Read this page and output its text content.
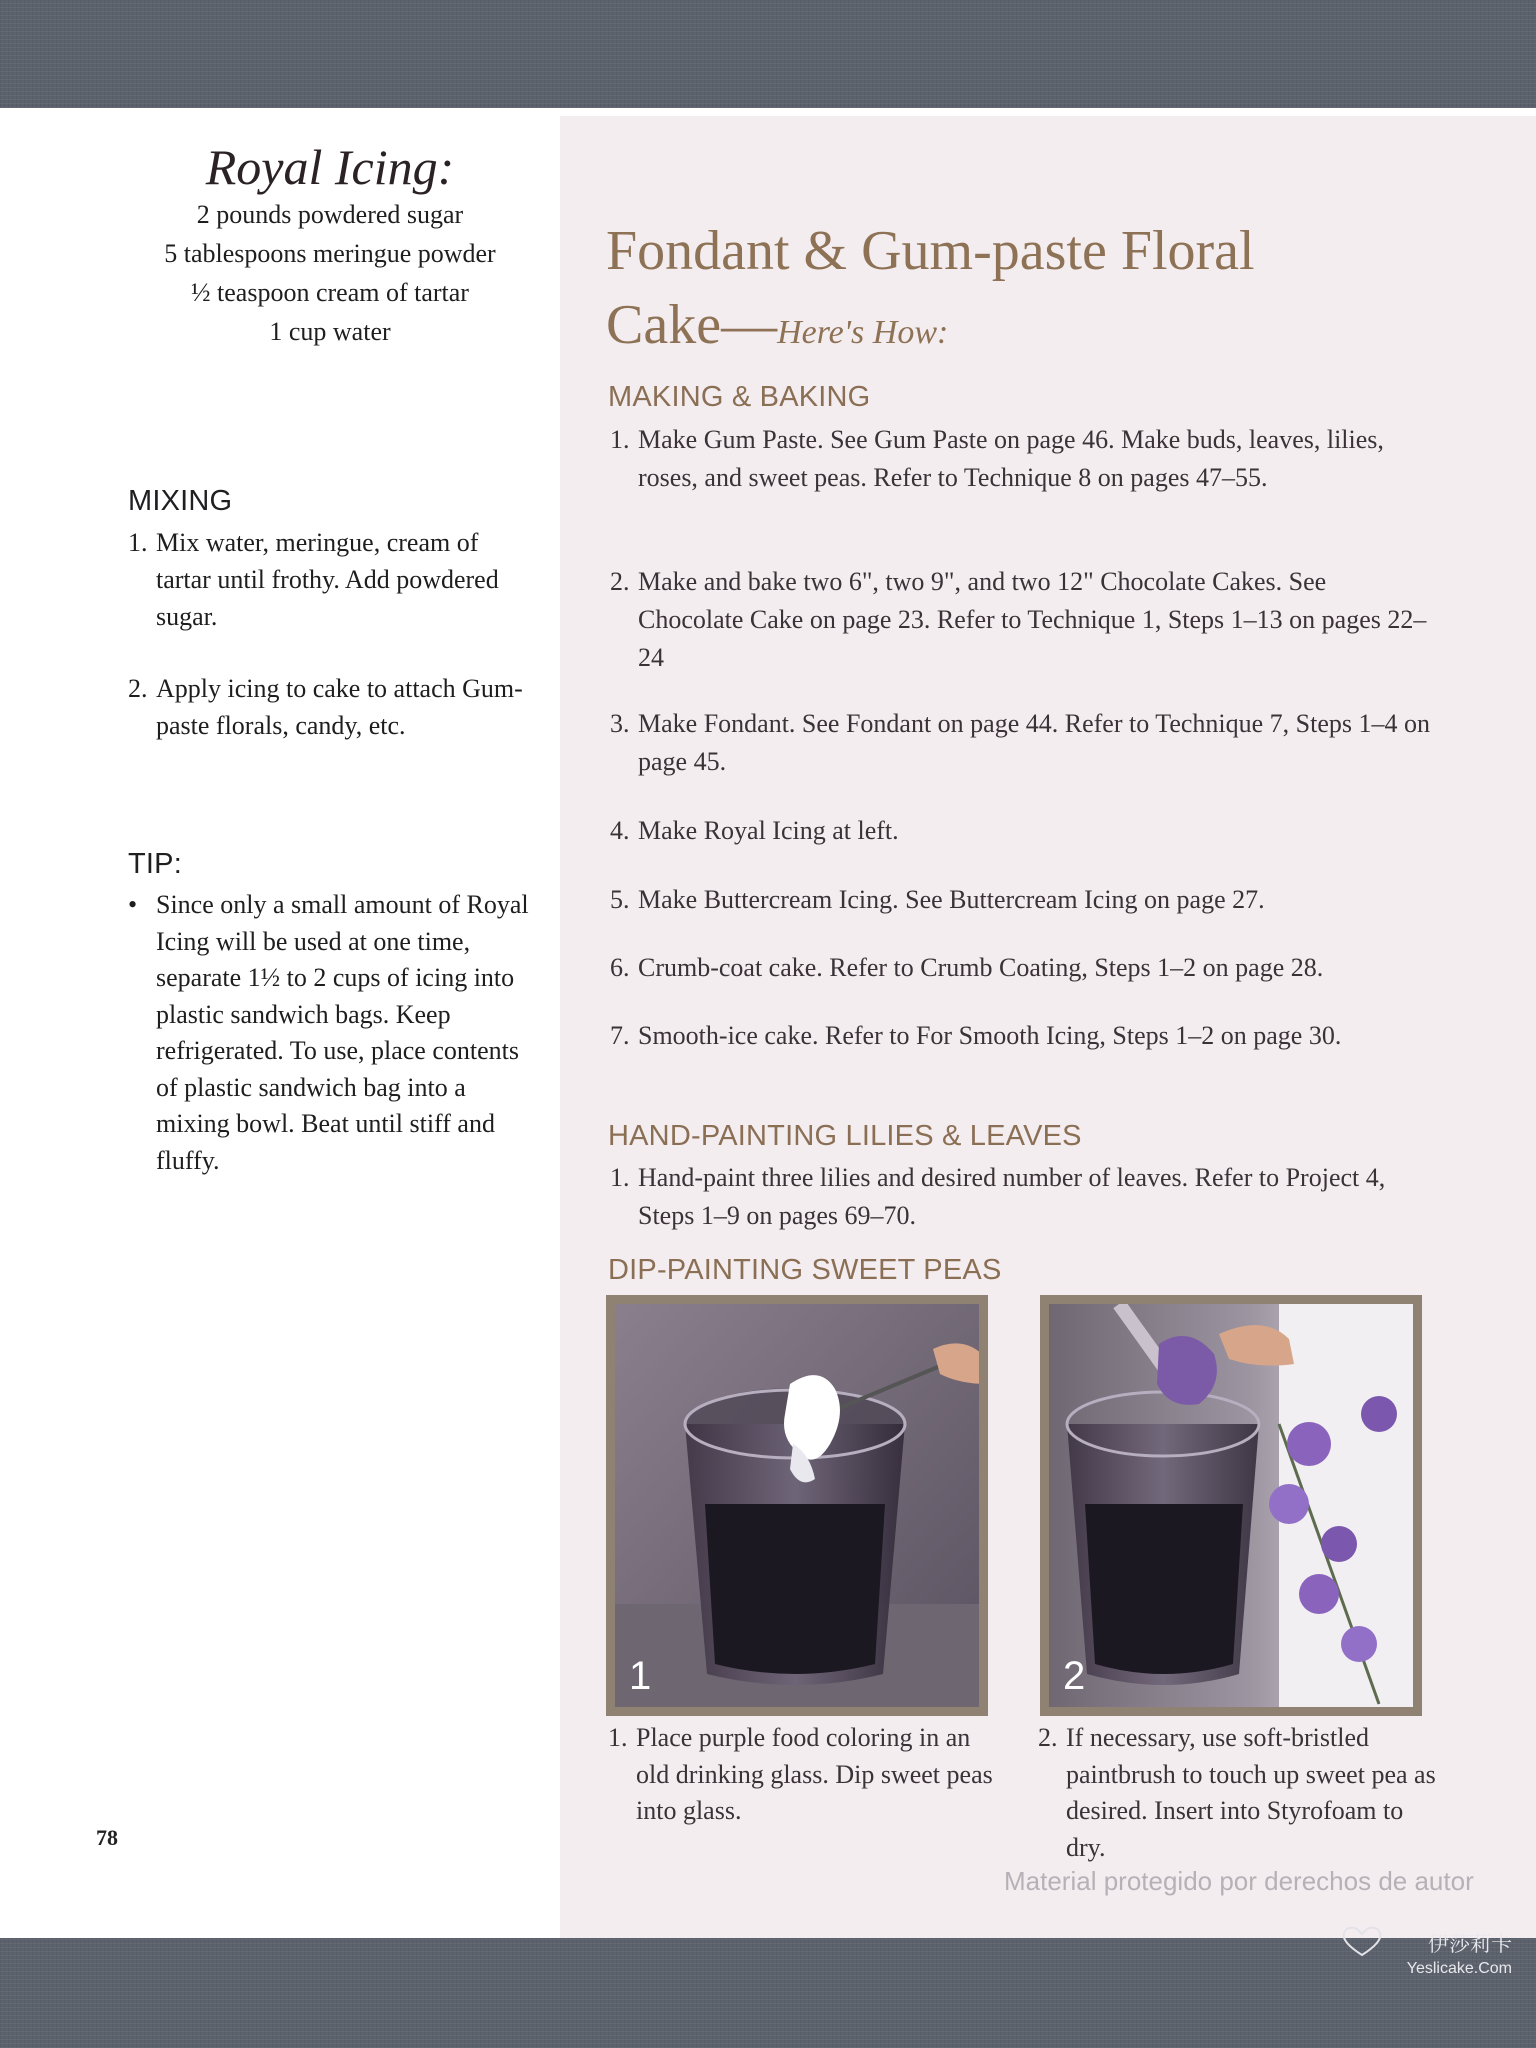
Royal Icing:
2 pounds powdered sugar
5 tablespoons meringue powder
½ teaspoon cream of tartar
1 cup water
MIXING
1. Mix water, meringue, cream of tartar until frothy. Add powdered sugar.
2. Apply icing to cake to attach Gum-paste florals, candy, etc.
TIP:
• Since only a small amount of Royal Icing will be used at one time, separate 1½ to 2 cups of icing into plastic sandwich bags. Keep refrigerated. To use, place contents of plastic sandwich bag into a mixing bowl. Beat until stiff and fluffy.
78
Fondant & Gum-paste Floral
Cake—Here's How:
MAKING & BAKING
1. Make Gum Paste. See Gum Paste on page 46. Make buds, leaves, lilies, roses, and sweet peas. Refer to Technique 8 on pages 47–55.
2. Make and bake two 6", two 9", and two 12" Chocolate Cakes. See Chocolate Cake on page 23. Refer to Technique 1, Steps 1–13 on pages 22–24
3. Make Fondant. See Fondant on page 44. Refer to Technique 7, Steps 1–4 on page 45.
4. Make Royal Icing at left.
5. Make Buttercream Icing. See Buttercream Icing on page 27.
6. Crumb-coat cake. Refer to Crumb Coating, Steps 1–2 on page 28.
7. Smooth-ice cake. Refer to For Smooth Icing, Steps 1–2 on page 30.
HAND-PAINTING LILIES & LEAVES
1. Hand-paint three lilies and desired number of leaves. Refer to Project 4, Steps 1–9 on pages 69–70.
DIP-PAINTING SWEET PEAS
1	2
1. Place purple food coloring in an old drinking glass. Dip sweet peas into glass.
2. If necessary, use soft-bristled paintbrush to touch up sweet pea as desired. Insert into Styrofoam to dry.
Material protegido por derechos de autor
伊莎莉卡
Yeslicake.Com
